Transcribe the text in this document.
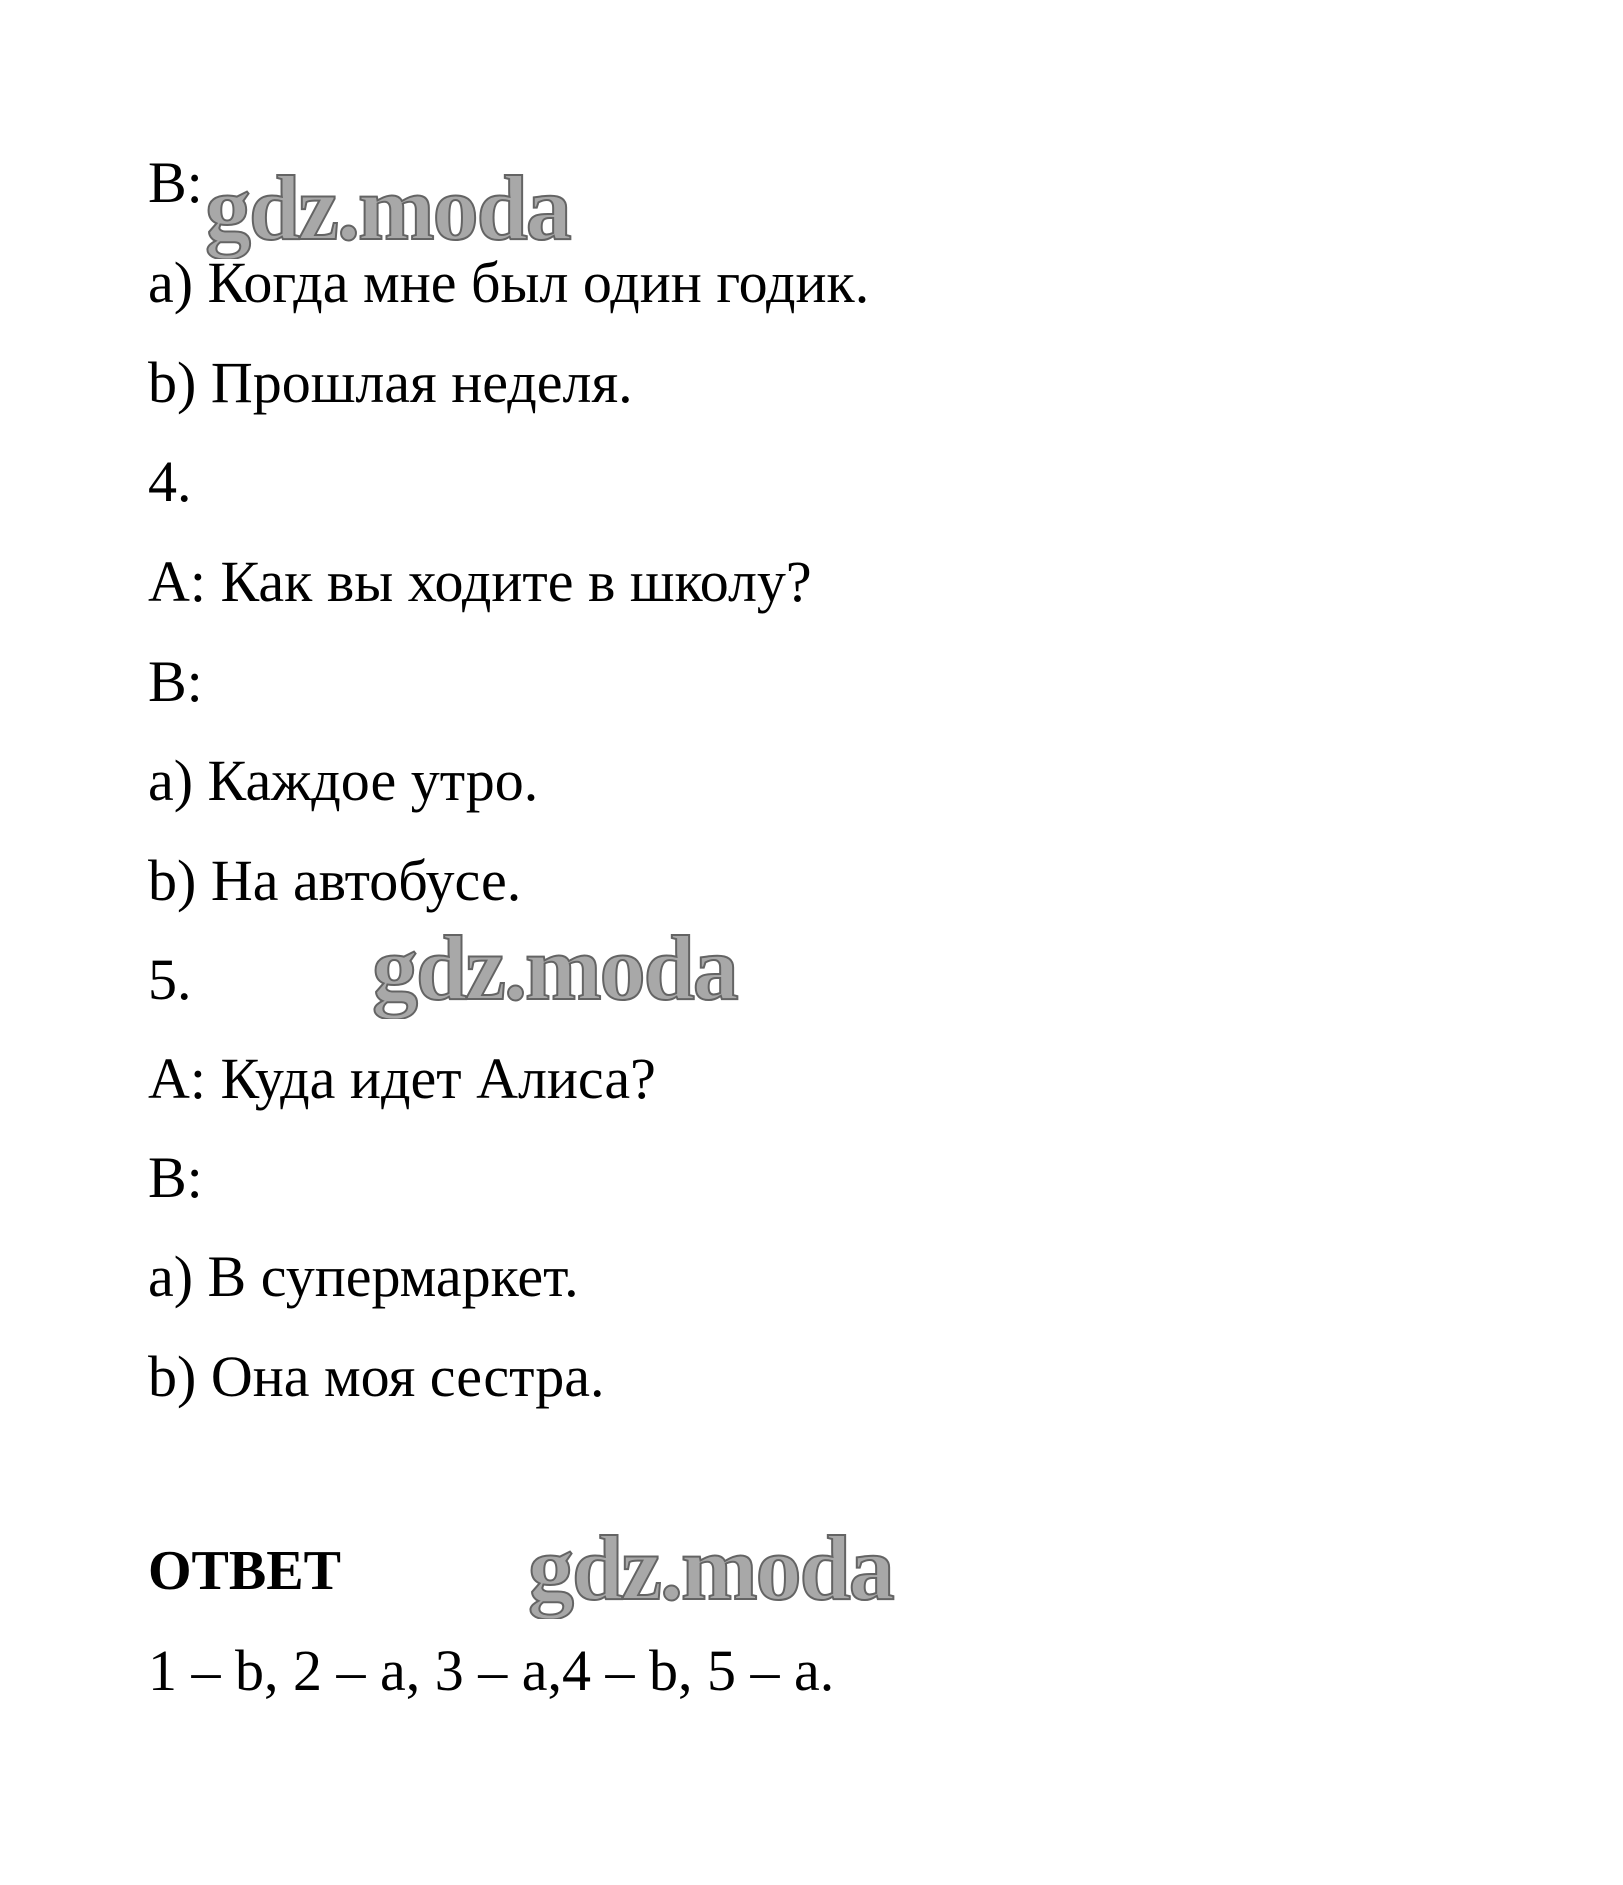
B:
a) Когда мне был один годик.
b) Прошлая неделя.
4.
A: Как вы ходите в школу?
B:
a) Каждое утро.
b) На автобусе.
5.
A: Куда идет Алиса?
B:
a) В супермаркет.
b) Она моя сестра.
ОТВЕТ
1 – b, 2 – a, 3 – a,4 – b, 5 – a.
gdz.moda
gdz.moda
gdz.moda
